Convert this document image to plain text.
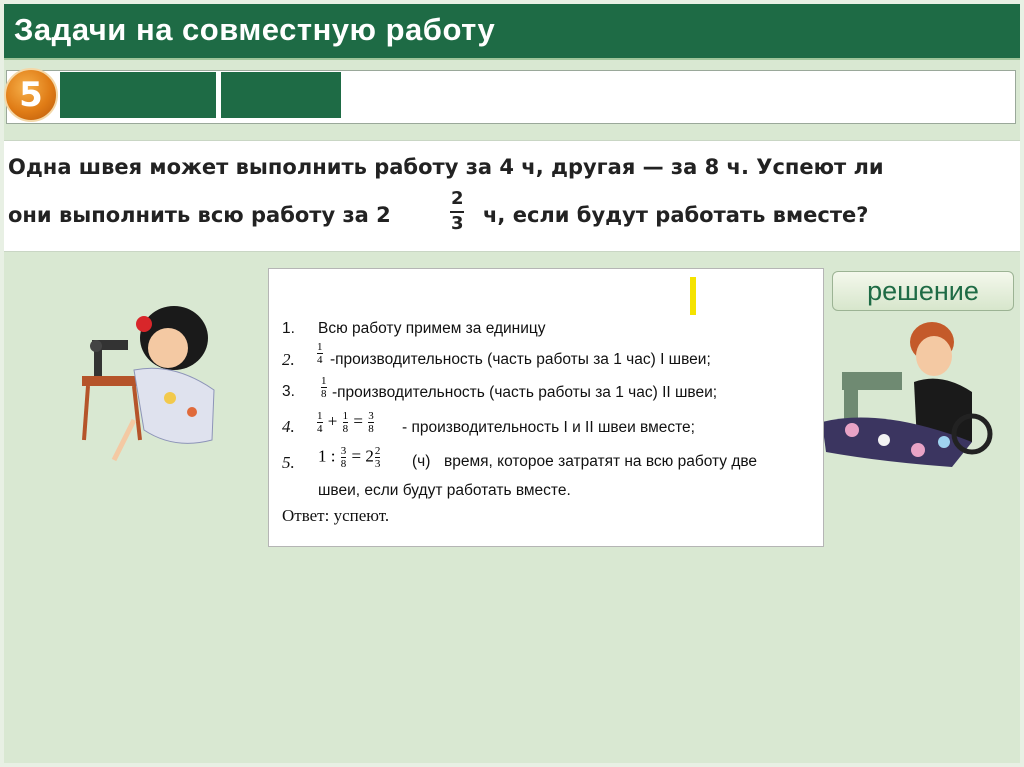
Задачи на совместную работу
5
Одна швея может выполнить работу за 4 ч, другая — за 8 ч. Успеют ли
они выполнить всю работу за 2
2
3 ч, если будут работать вместе?
1. Всю работу примем за единицу
2. $\frac{1}{4}$ -производительность (часть работы за 1 час) I швеи;
3. $\frac{1}{8}$ -производительность (часть работы за 1 час) II швеи;
4. $\frac{1}{4} + \frac{1}{8} = \frac{3}{8}$ - производительность I и II швеи вместе;
5. 1 : $\frac{3}{8} = 2 \frac{2}{3} (ч)$ время, которое затратят на всю работу две
швеи, если будут работать вместе.
Ответ: успеют.
решение
